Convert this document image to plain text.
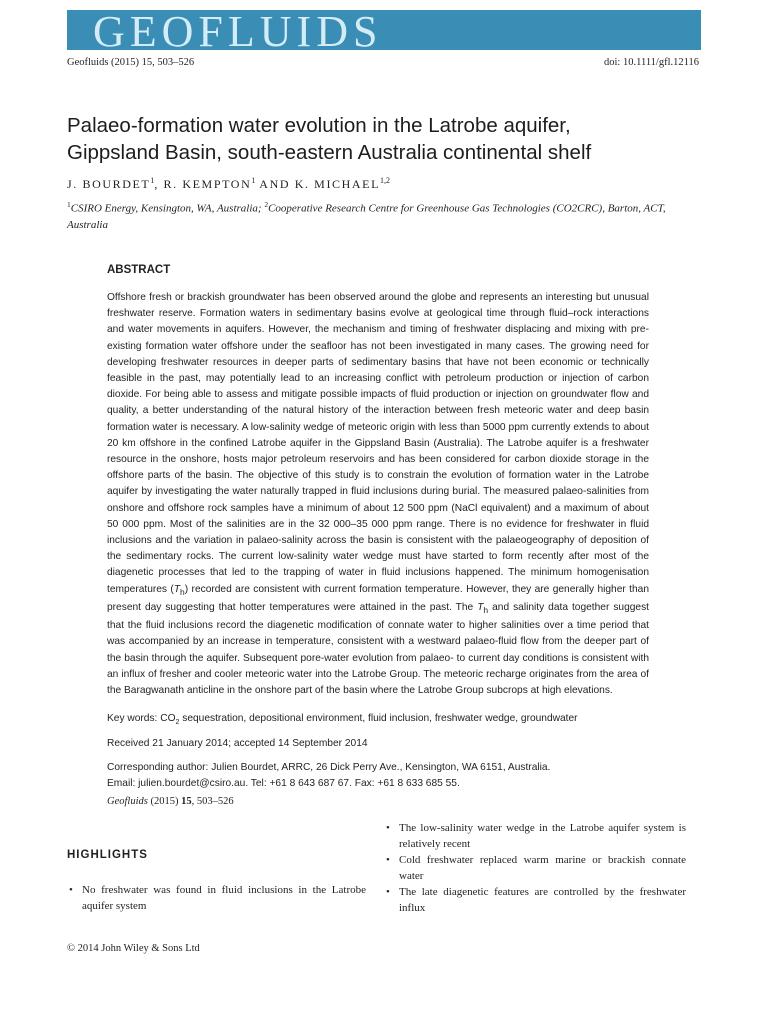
GEOFLUIDS
Geofluids (2015) 15, 503–526	doi: 10.1111/gfl.12116
Palaeo-formation water evolution in the Latrobe aquifer,
Gippsland Basin, south-eastern Australia continental shelf
J. BOURDET$^1$, R. KEMPTON$^1$ AND K. MICHAEL$^{1,2}$
$^1$CSIRO Energy, Kensington, WA, Australia; $^2$Cooperative Research Centre for Greenhouse Gas Technologies (CO2CRC), Barton, ACT, Australia
ABSTRACT

Offshore fresh or brackish groundwater has been observed around the globe and represents an interesting but unusual freshwater reserve. Formation waters in sedimentary basins evolve at geological time through fluid–rock interactions and water movements in aquifers. However, the mechanism and timing of freshwater displacing and mixing with pre-existing formation water offshore under the seafloor has not been investigated in many cases. The growing need for developing freshwater resources in deeper parts of sedimentary basins that have not been economic or technically feasible in the past, may potentially lead to an increasing conflict with petroleum production or injection of carbon dioxide. For being able to assess and mitigate possible impacts of fluid production or injection on groundwater flow and quality, a better understanding of the natural history of the interaction between fresh meteoric water and deep basin formation water is necessary. A low-salinity wedge of meteoric origin with less than 5000 ppm currently extends to about 20 km offshore in the confined Latrobe aquifer in the Gippsland Basin (Australia). The Latrobe aquifer is a freshwater resource in the onshore, hosts major petroleum reservoirs and has been considered for carbon dioxide storage in the offshore parts of the basin. The objective of this study is to constrain the evolution of formation water in the Latrobe aquifer by investigating the water naturally trapped in fluid inclusions during burial. The measured palaeo-salinities from onshore and offshore rock samples have a minimum of about 12 500 ppm (NaCl equivalent) and a maximum of about 50 000 ppm. Most of the salinities are in the 32 000–35 000 ppm range. There is no evidence for freshwater in fluid inclusions and the variation in palaeo-salinity across the basin is consistent with the palaeogeography of deposition of the sedimentary rocks. The current low-salinity water wedge must have started to form recently after most of the diagenetic processes that led to the trapping of water in fluid inclusions happened. The minimum homogenisation temperatures $(T_h)$ recorded are consistent with current formation temperature. However, they are generally higher than present day suggesting that hotter temperatures were attained in the past. The $T_h$ and salinity data together suggest that the fluid inclusions record the diagenetic modification of connate water to higher salinities over a time period that was accompanied by an increase in temperature, consistent with a westward palaeo-fluid flow from the deeper part of the basin through the aquifer. Subsequent pore-water evolution from palaeo- to current day conditions is consistent with an influx of fresher and cooler meteoric water into the Latrobe Group. The meteoric recharge originates from the area of the Baragwanath anticline in the onshore part of the basin where the Latrobe Group subcrops at high elevations.

Key words: $CO_2$ sequestration, depositional environment, fluid inclusion, freshwater wedge, groundwater
Received 21 January 2014; accepted 14 September 2014
Corresponding author: Julien Bourdet, ARRC, 26 Dick Perry Ave., Kensington, WA 6151, Australia.
Email: julien.bourdet@csiro.au. Tel: +61 8 643 687 67. Fax: +61 8 633 685 55.
Geofluids (2015) 15, 503–526
HIGHLIGHTS
• No freshwater was found in fluid inclusions in the Latrobe aquifer system
• The low-salinity water wedge in the Latrobe aquifer system is relatively recent
• Cold freshwater replaced warm marine or brackish connate water
• The late diagenetic features are controlled by the freshwater influx
© 2014 John Wiley & Sons Ltd
